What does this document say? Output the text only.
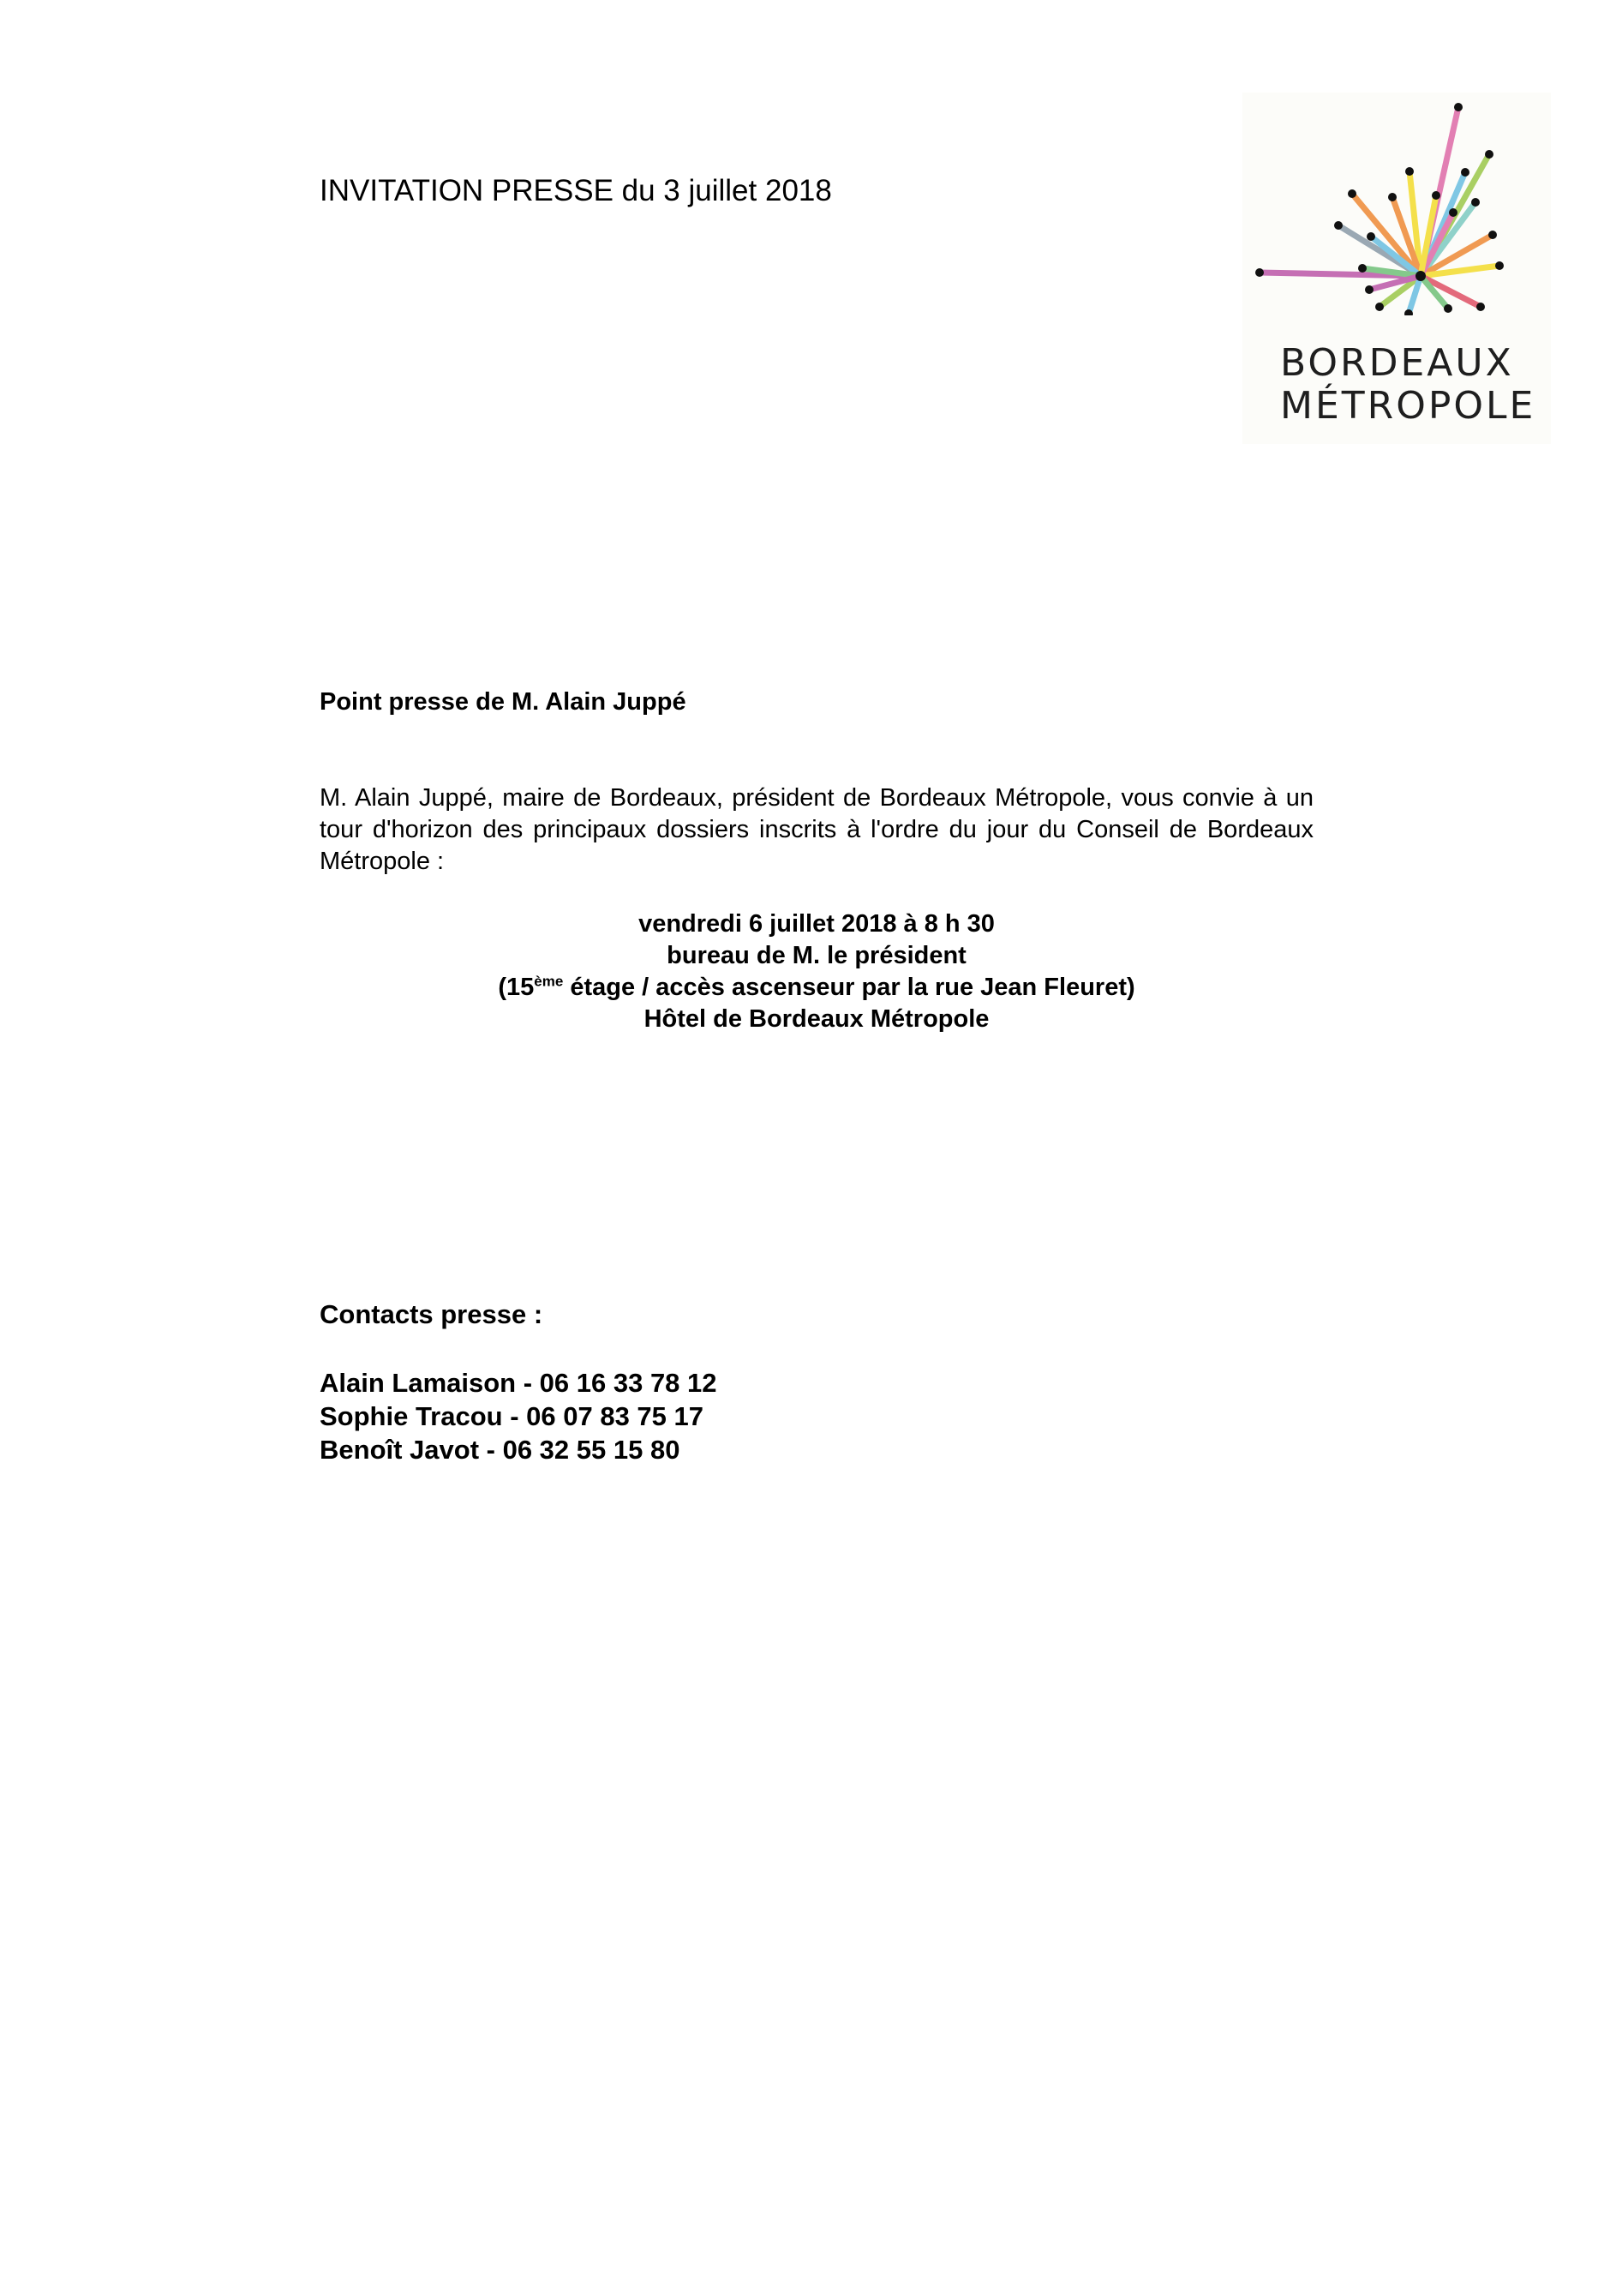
INVITATION PRESSE du 3 juillet 2018
BORDEAUX
MÉTROPOLE
Point presse de M. Alain Juppé
M. Alain Juppé, maire de Bordeaux, président de Bordeaux Métropole, vous convie à un tour d'horizon des principaux dossiers inscrits à l'ordre du jour du Conseil de Bordeaux Métropole :
vendredi 6 juillet 2018 à 8 h 30
bureau de M. le président
(15ème étage / accès ascenseur par la rue Jean Fleuret)
Hôtel de Bordeaux Métropole
Contacts presse :
Alain Lamaison - 06 16 33 78 12
Sophie Tracou - 06 07 83 75 17
Benoît Javot - 06 32 55 15 80
